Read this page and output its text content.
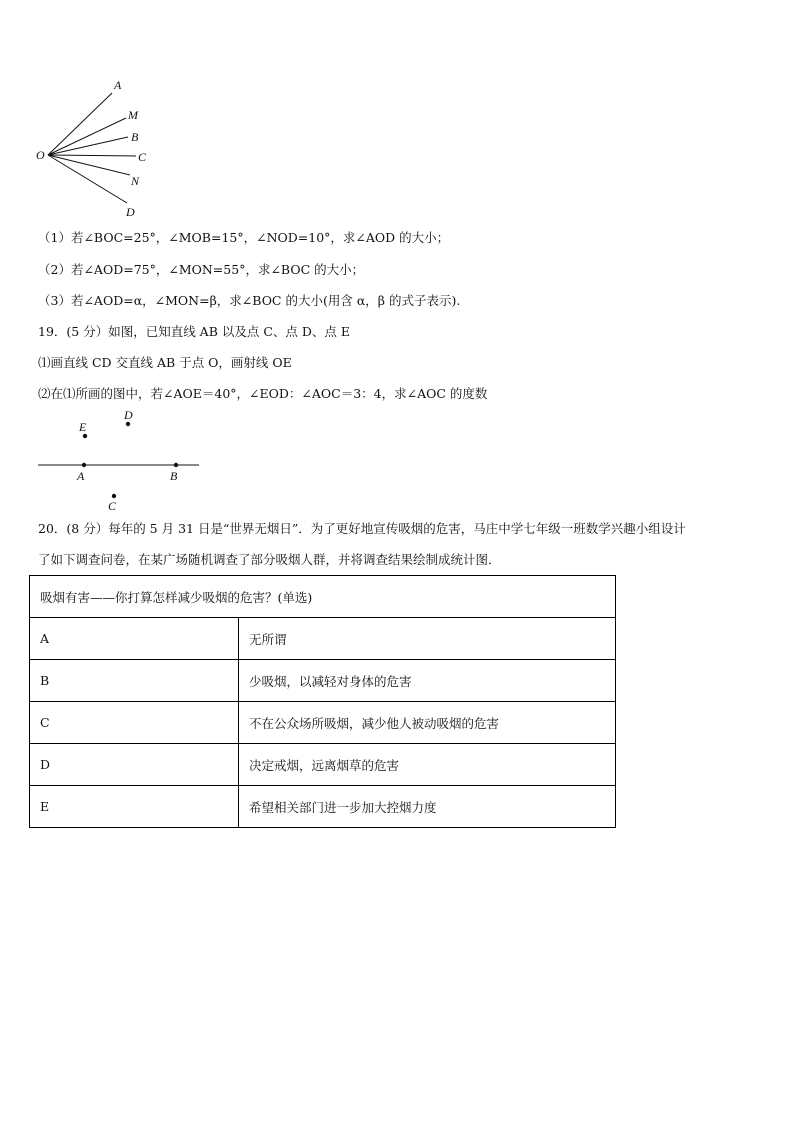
A
M
B
O	C
N
D
（1）若∠BOC=25°，∠MOB=15°，∠NOD=10°，求∠AOD 的大小；
（2）若∠AOD=75°，∠MON=55°，求∠BOC 的大小；
（3）若∠AOD=α，∠MON=β，求∠BOC 的大小(用含 α，β 的式子表示).
19．(5 分）如图，已知直线 AB 以及点 C、点 D、点 E
⑴画直线 CD 交直线 AB 于点 O，画射线 OE
⑵在⑴所画的图中，若∠AOE＝40°，∠EOD：∠AOC＝3：4，求∠AOC 的度数
E
D
A	B
C
20．(8 分）每年的 5 月 31 日是“世界无烟日”．为了更好地宣传吸烟的危害，马庄中学七年级一班数学兴趣小组设计
了如下调查问卷，在某广场随机调查了部分吸烟人群，并将调查结果绘制成统计图．
吸烟有害——你打算怎样减少吸烟的危害？(单选)	
A	无所谓
B	少吸烟，以减轻对身体的危害
C	不在公众场所吸烟，减少他人被动吸烟的危害
D	决定戒烟，远离烟草的危害
E	希望相关部门进一步加大控烟力度
